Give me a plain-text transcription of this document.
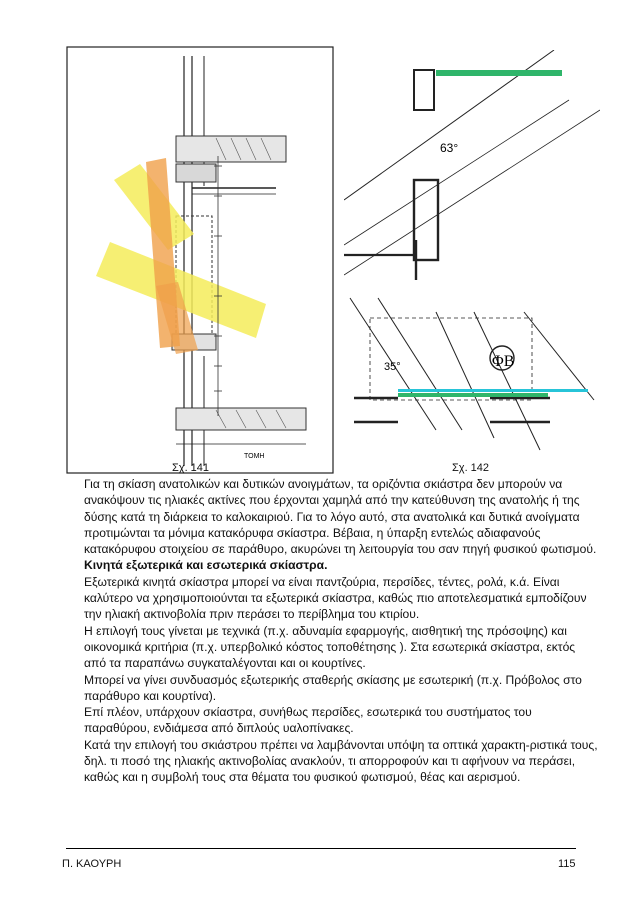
ΤΟΜΗ
63°
35°	ΦΒ
Σχ. 141	Σχ. 142

Για τη σκίαση ανατολικών και δυτικών ανοιγμάτων, τα οριζόντια σκιάστρα δεν μπορούν να ανακόψουν τις ηλιακές ακτίνες που έρχονται χαμηλά από την κατεύθυνση της ανατολής ή της δύσης κατά τη διάρκεια το καλοκαιριού. Για το λόγο αυτό, στα ανατολικά και δυτικά ανοίγματα προτιμώνται τα μόνιμα κατακόρυφα σκίαστρα. Βέβαια, η ύπαρξη εντελώς αδιαφανούς κατακόρυφου στοιχείου σε παράθυρο, ακυρώνει τη λειτουργία του σαν πηγή φυσικού φωτισμού.

Κινητά εξωτερικά και εσωτερικά σκίαστρα.

Εξωτερικά κινητά σκίαστρα μπορεί να είναι παντζούρια, περσίδες, τέντες, ρολά, κ.ά. Είναι καλύτερο να χρησιμοποιούνται τα εξωτερικά σκίαστρα, καθώς πιο αποτελεσματικά εμποδίζουν την ηλιακή ακτινοβολία πριν περάσει το περίβλημα του κτιρίου.

Η επιλογή τους γίνεται με τεχνικά (π.χ. αδυναμία εφαρμογής, αισθητική της πρόσοψης) και οικονομικά κριτήρια (π.χ. υπερβολικό κόστος τοποθέτησης ). Στα εσωτερικά σκίαστρα, εκτός από τα παραπάνω συγκαταλέγονται και οι κουρτίνες.

Μπορεί να γίνει συνδυασμός εξωτερικής σταθερής σκίασης με εσωτερική (π.χ. Πρόβολος στο παράθυρο και κουρτίνα).

Επί πλέον, υπάρχουν σκίαστρα, συνήθως περσίδες, εσωτερικά του συστήματος του παραθύρου, ενδιάμεσα από διπλούς υαλοπίνακες.

Κατά την επιλογή του σκιάστρου πρέπει να λαμβάνονται υπόψη τα οπτικά χαρακτη-ριστικά τους, δηλ. τι ποσό της ηλιακής ακτινοβολίας ανακλούν, τι απορροφούν και τι αφήνουν να περάσει, καθώς και η συμβολή τους στα θέματα του φυσικού φωτισμού, θέας και αερισμού.

Π. ΚΑΟΥΡΗ	115
